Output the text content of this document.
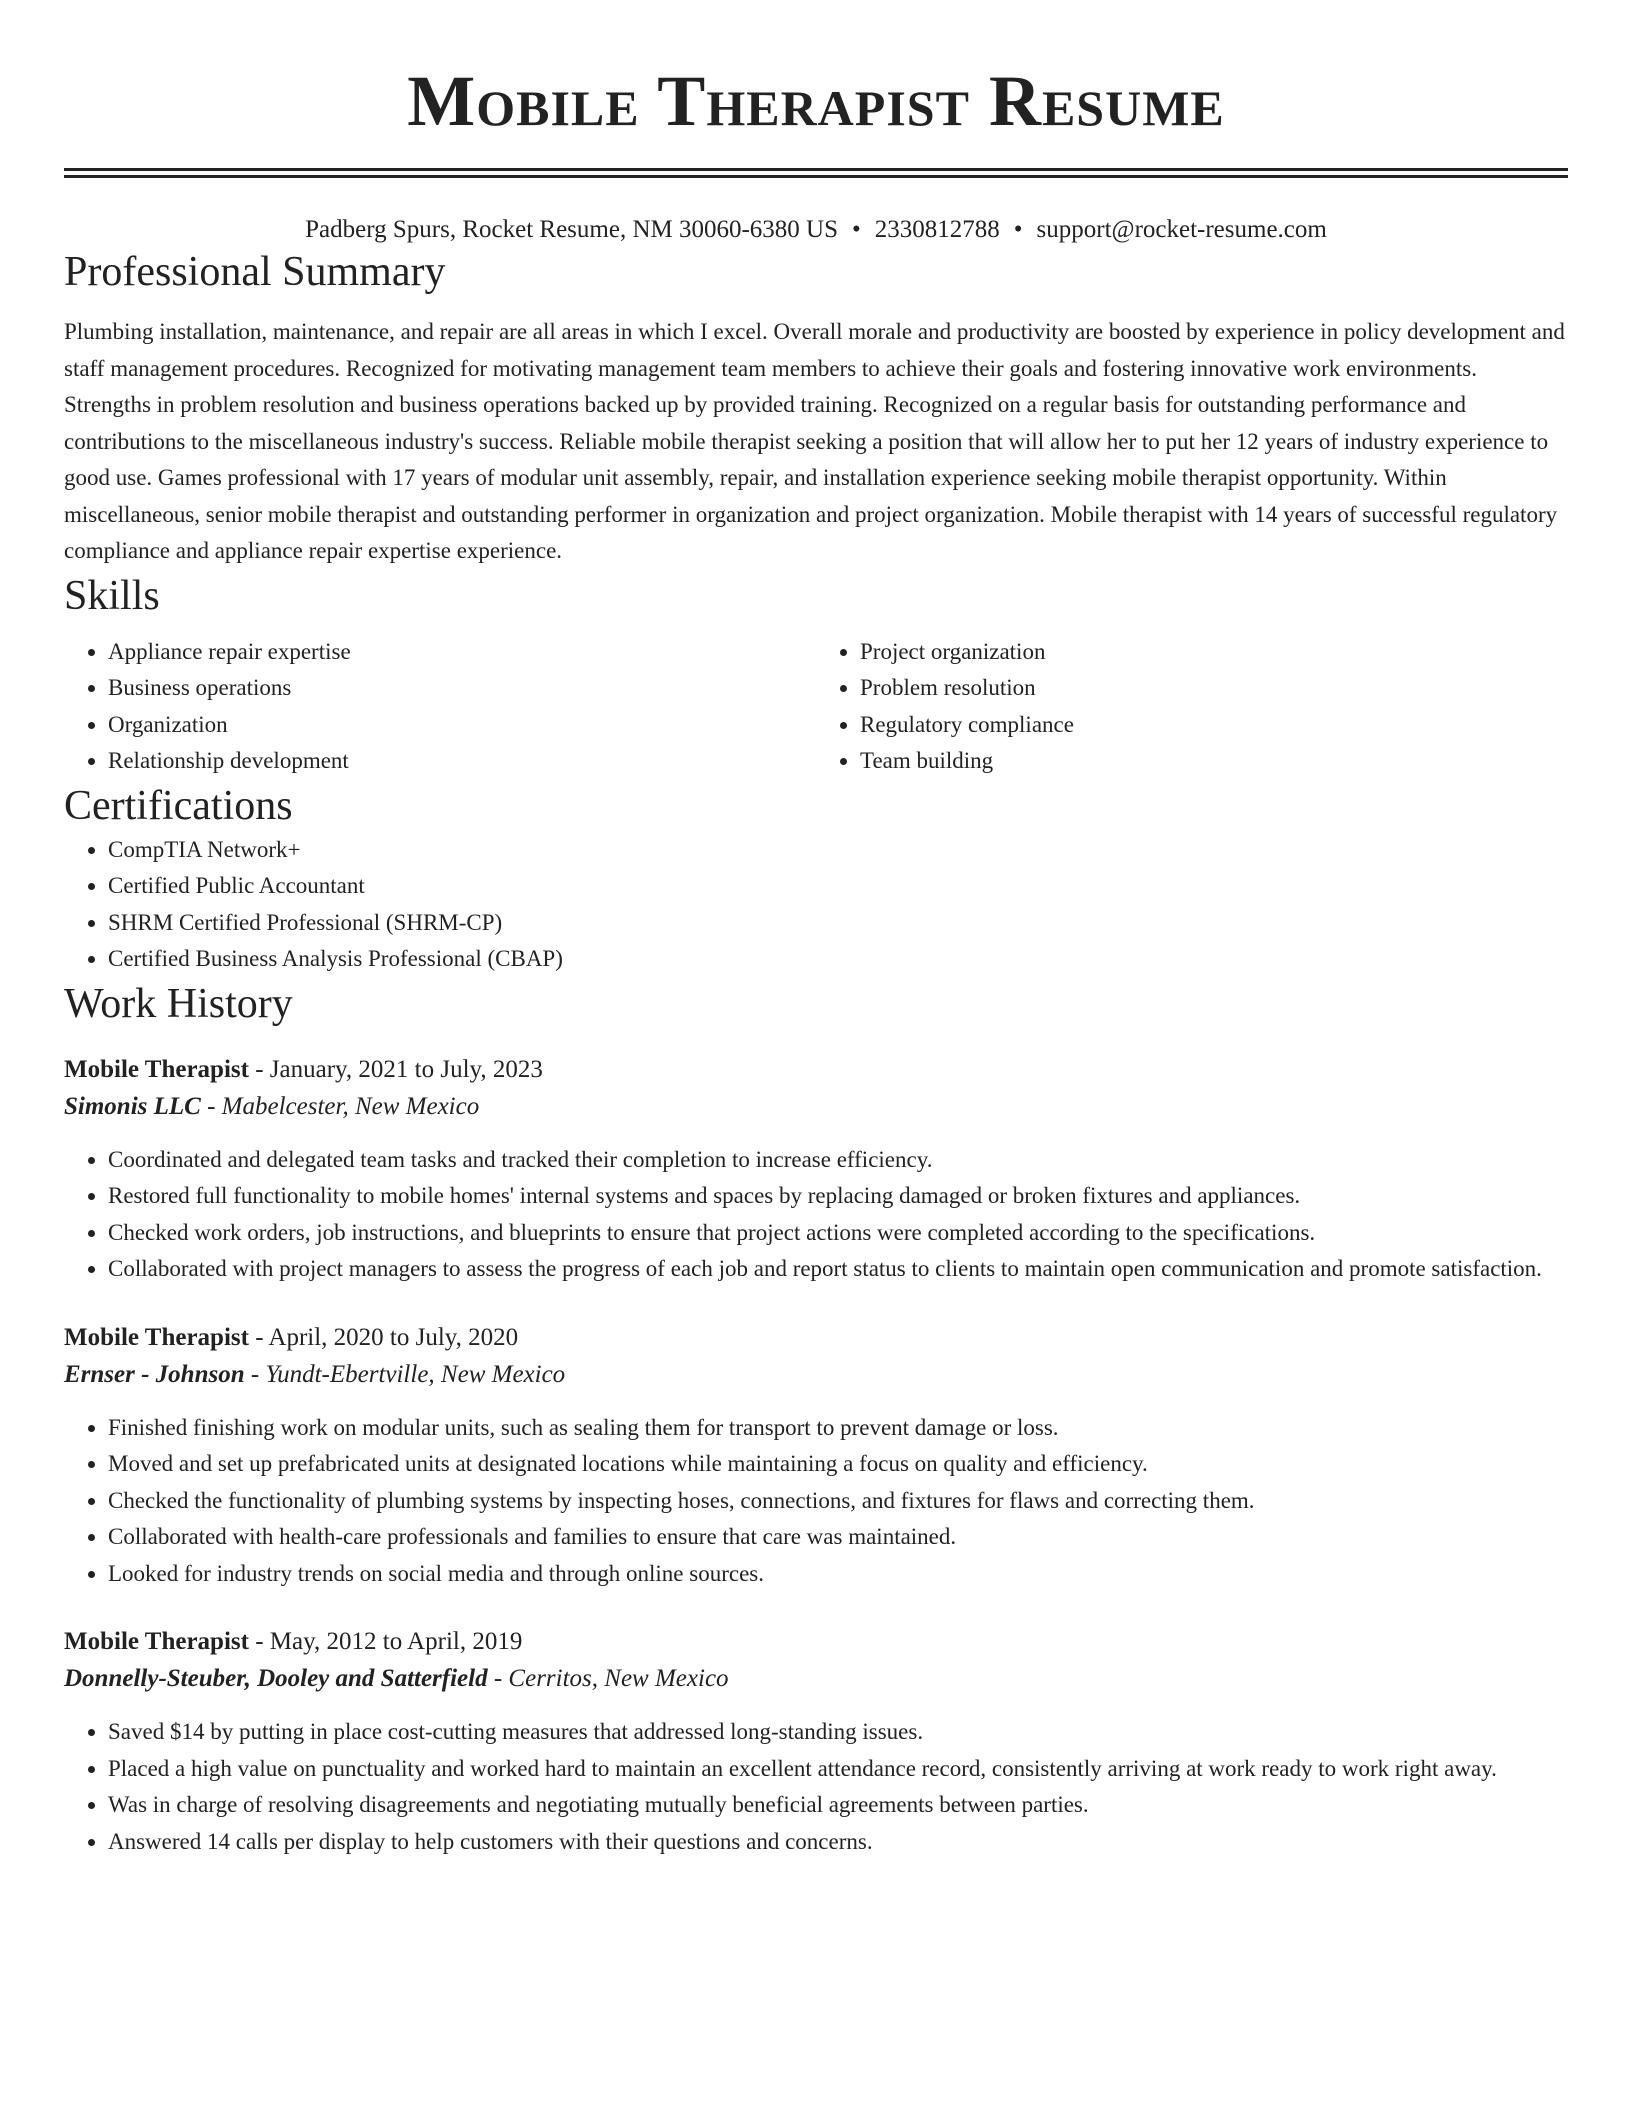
Mobile Therapist Resume
Padberg Spurs, Rocket Resume, NM 30060-6380 US • 2330812788 • support@rocket-resume.com
Professional Summary

Plumbing installation, maintenance, and repair are all areas in which I excel. Overall morale and productivity are boosted by experience in policy development and staff management procedures. Recognized for motivating management team members to achieve their goals and fostering innovative work environments. Strengths in problem resolution and business operations backed up by provided training. Recognized on a regular basis for outstanding performance and contributions to the miscellaneous industry's success. Reliable mobile therapist seeking a position that will allow her to put her 12 years of industry experience to good use. Games professional with 17 years of modular unit assembly, repair, and installation experience seeking mobile therapist opportunity. Within miscellaneous, senior mobile therapist and outstanding performer in organization and project organization. Mobile therapist with 14 years of successful regulatory compliance and appliance repair expertise experience.

Skills
• Appliance repair expertise
• Business operations
• Organization
• Relationship development
• Project organization
• Problem resolution
• Regulatory compliance
• Team building
Certifications
• CompTIA Network+
• Certified Public Accountant
• SHRM Certified Professional (SHRM-CP)
• Certified Business Analysis Professional (CBAP)
Work History
Mobile Therapist - January, 2021 to July, 2023
Simonis LLC - Mabelcester, New Mexico
• Coordinated and delegated team tasks and tracked their completion to increase efficiency.
• Restored full functionality to mobile homes' internal systems and spaces by replacing damaged or broken fixtures and appliances.
• Checked work orders, job instructions, and blueprints to ensure that project actions were completed according to the specifications.
• Collaborated with project managers to assess the progress of each job and report status to clients to maintain open communication and promote satisfaction.
Mobile Therapist - April, 2020 to July, 2020
Ernser - Johnson - Yundt-Ebertville, New Mexico
• Finished finishing work on modular units, such as sealing them for transport to prevent damage or loss.
• Moved and set up prefabricated units at designated locations while maintaining a focus on quality and efficiency.
• Checked the functionality of plumbing systems by inspecting hoses, connections, and fixtures for flaws and correcting them.
• Collaborated with health-care professionals and families to ensure that care was maintained.
• Looked for industry trends on social media and through online sources.
Mobile Therapist - May, 2012 to April, 2019
Donnelly-Steuber, Dooley and Satterfield - Cerritos, New Mexico
• Saved $14 by putting in place cost-cutting measures that addressed long-standing issues.
• Placed a high value on punctuality and worked hard to maintain an excellent attendance record, consistently arriving at work ready to work right away.
• Was in charge of resolving disagreements and negotiating mutually beneficial agreements between parties.
• Answered 14 calls per display to help customers with their questions and concerns.
